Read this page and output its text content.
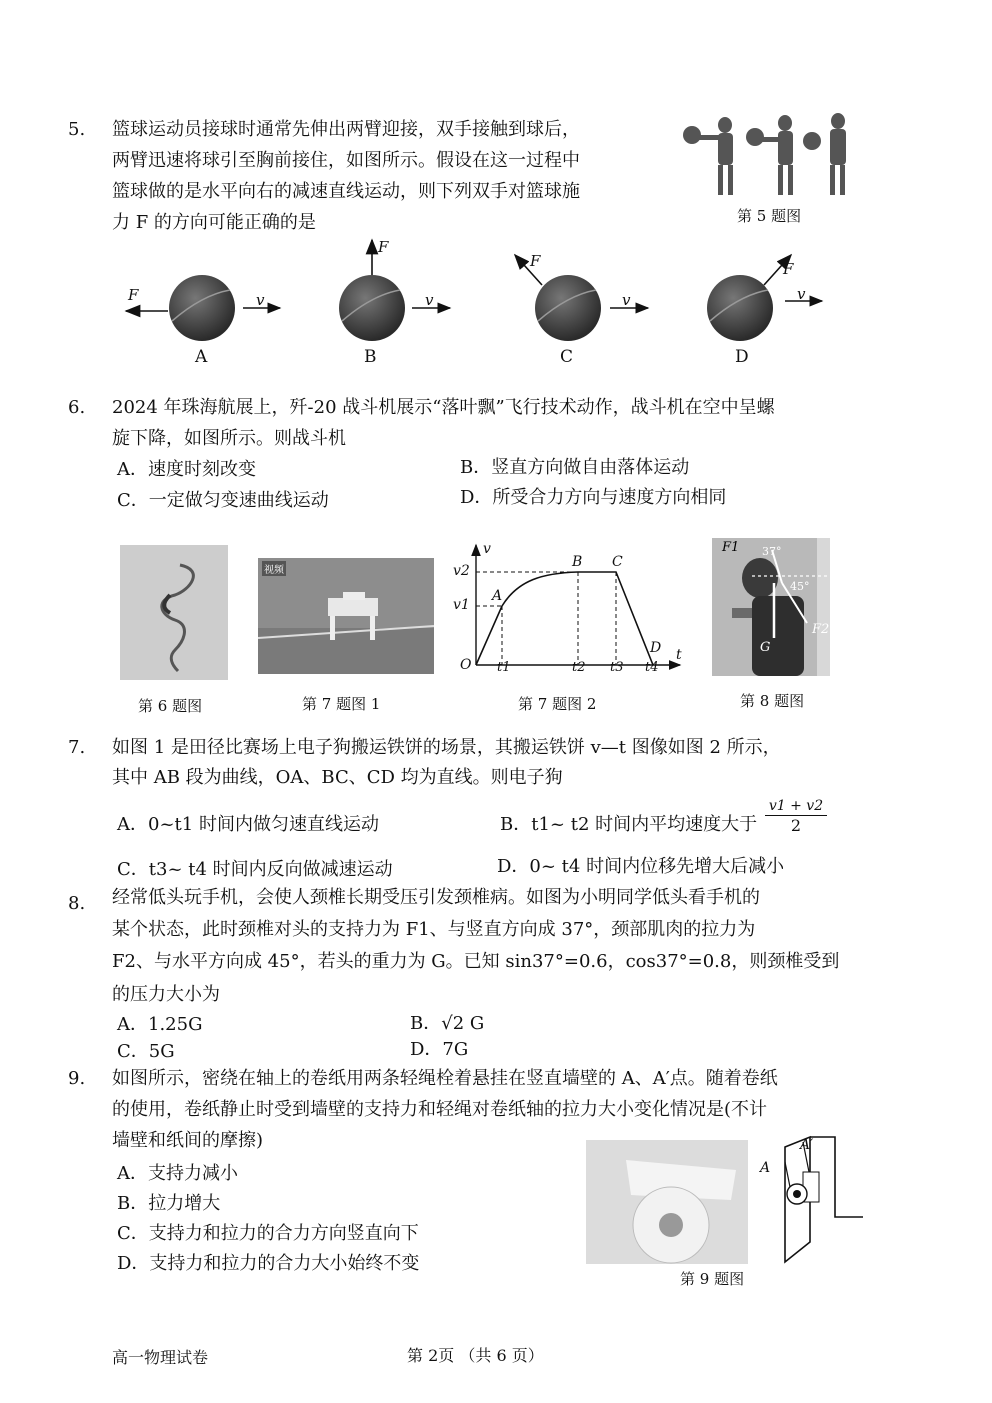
5. 篮球运动员接球时通常先伸出两臂迎接，双手接触到球后，
两臂迅速将球引至胸前接住，如图所示。假设在这一过程中
篮球做的是水平向右的减速直线运动，则下列双手对篮球施
力 F 的方向可能正确的是	第 5 题图
F	v
A
F
v
B
F
v
C
F
v
D
6. 2024 年珠海航展上，歼-20 战斗机展示“落叶飘”飞行技术动作，战斗机在空中呈螺
旋下降，如图所示。则战斗机
A．速度时刻改变	B．竖直方向做自由落体运动
C．一定做匀变速曲线运动	D．所受合力方向与速度方向相同
视频
v
v2
v1
A
B C
D
O
t
t1	t2 t3 t4
F1 37°
45°
F2
G
第 6 题图	第 7 题图 1	第 7 题图 2	第 8 题图
7. 如图 1 是田径比赛场上电子狗搬运铁饼的场景，其搬运铁饼 v—t 图像如图 2 所示，
其中 AB 段为曲线，OA、BC、CD 均为直线。则电子狗
A．0~t1 时间内做匀速直线运动	B．t1~ t2 时间内平均速度大于 $\frac{v1 + v2}{2}$
C．t3~ t4 时间内反向做减速运动	D．0~ t4 时间内位移先增大后减小
8. 经常低头玩手机，会使人颈椎长期受压引发颈椎病。如图为小明同学低头看手机的
某个状态，此时颈椎对头的支持力为 F1、与竖直方向成 37°，颈部肌肉的拉力为
F2、与水平方向成 45°，若头的重力为 G。已知 sin37°=0.6，cos37°=0.8，则颈椎受到
的压力大小为
A．1.25G	B．√2 G
C．5G	D．7G
9. 如图所示，密绕在轴上的卷纸用两条轻绳栓着悬挂在竖直墙壁的 A、A′点。随着卷纸
的使用，卷纸静止时受到墙壁的支持力和轻绳对卷纸轴的拉力大小变化情况是(不计
墙壁和纸间的摩擦)
A．支持力减小
B．拉力增大
C．支持力和拉力的合力方向竖直向下
D．支持力和拉力的合力大小始终不变
A
A′
第 9 题图
高一物理试卷	第 2页 （共 6 页）
